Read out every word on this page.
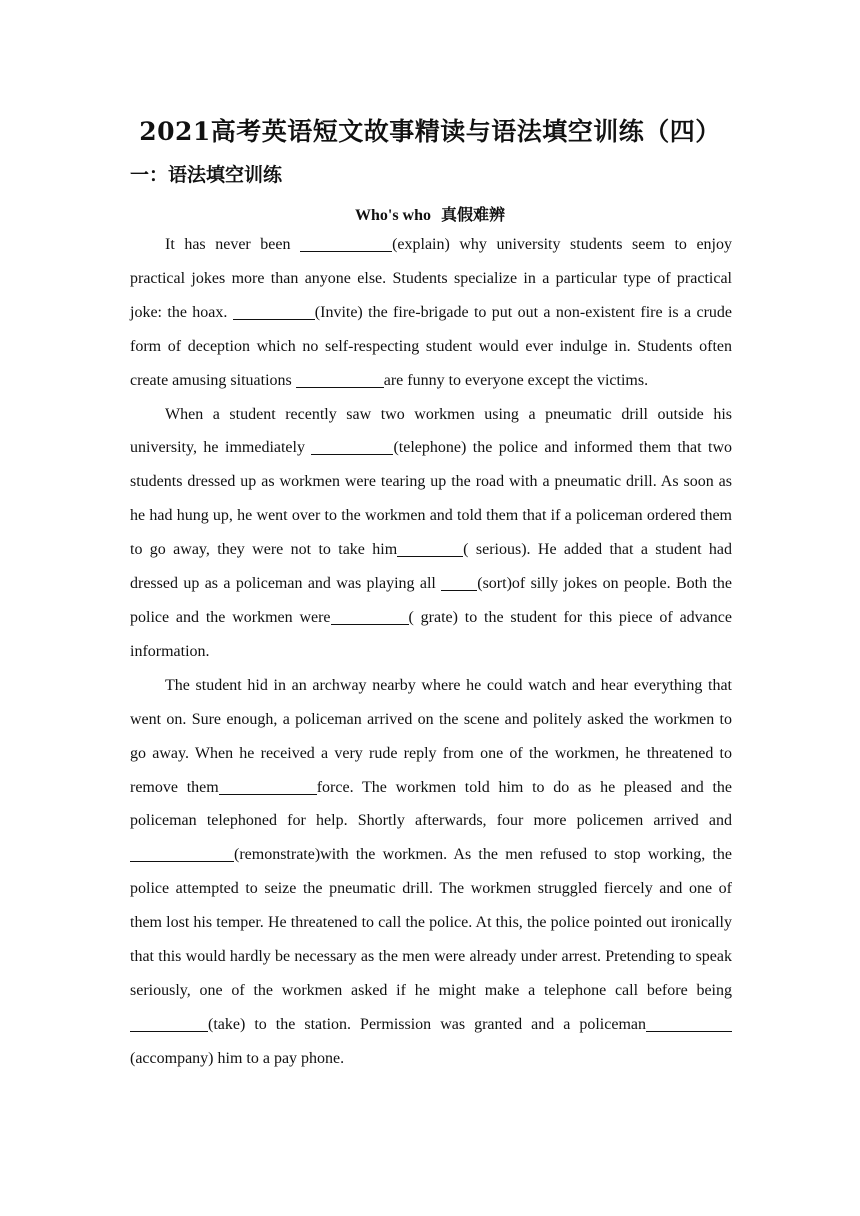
2021高考英语短文故事精读与语法填空训练（四）
一：语法填空训练
Who's who 真假难辨

It has never been	(explain) why university students seem to enjoy practical jokes more than anyone else. Students specialize in a particular type of practical joke: the hoax.	(Invite) the fire-brigade to put out a non-existent fire is a crude form of deception which no self-respecting student would ever indulge in. Students often create amusing situations	are funny to everyone except the victims.

When a student recently saw two workmen using a pneumatic drill outside his university, he immediately	(telephone) the police and informed them that two students dressed up as workmen were tearing up the road with a pneumatic drill. As soon as he had hung up, he went over to the workmen and told them that if a policeman ordered them to go away, they were not to take him	( serious). He added that a student had dressed up as a policeman and was playing all (sort)of silly jokes on people. Both the police and the workmen were	( grate) to the student for this piece of advance information.

The student hid in an archway nearby where he could watch and hear everything that went on. Sure enough, a policeman arrived on the scene and politely asked the workmen to go away. When he received a very rude reply from one of the workmen, he threatened to remove them	force. The workmen told him to do as he pleased and the policeman telephoned for help. Shortly afterwards, four more policemen arrived and (remonstrate)with the workmen. As the men refused to stop working, the police attempted to seize the pneumatic drill. The workmen struggled fiercely and one of them lost his temper. He threatened to call the police. At this, the police pointed out ironically that this would hardly be necessary as the men were already under arrest. Pretending to speak seriously, one of the workmen asked if he might make a telephone call before being (take) to the station. Permission was granted and a policeman(accompany) him to a pay phone.
